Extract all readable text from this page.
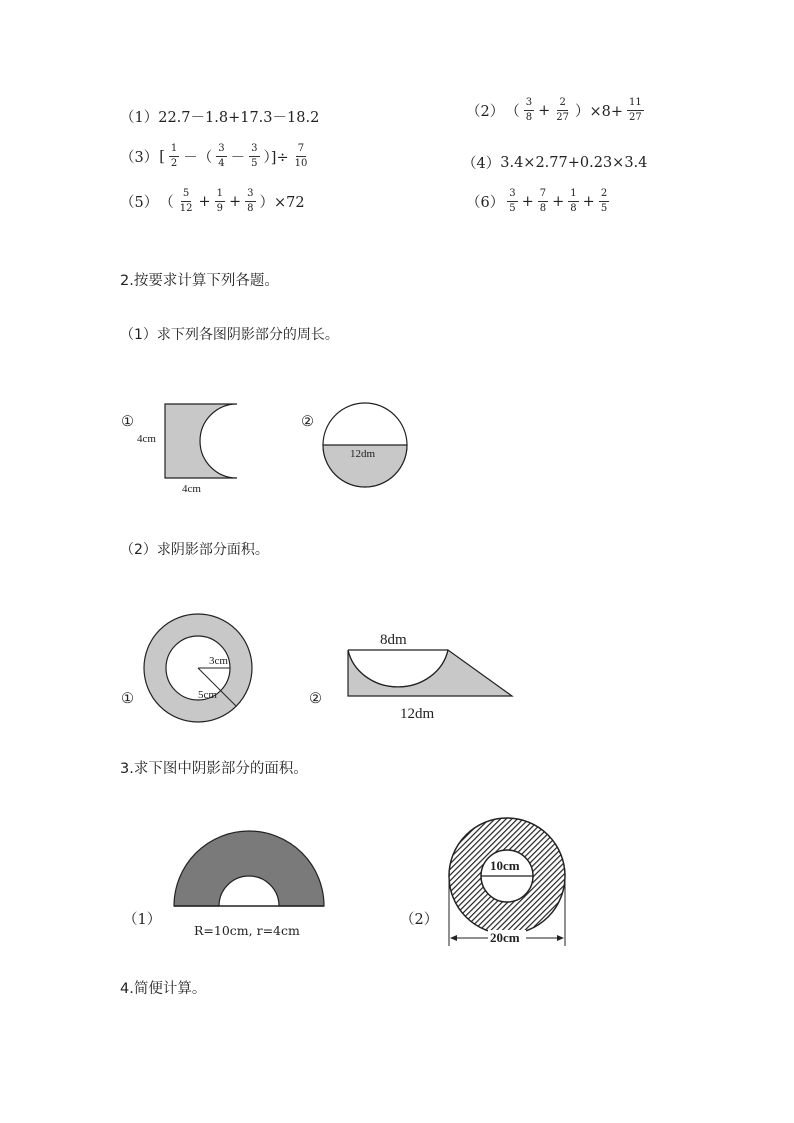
（1） 22.7－1.8+17.3－18.2	（2） （ $\frac{3}{8} + \frac{2}{27} )\times 8+ \frac{11}{27}$
（3） [ $\frac{1}{2}$ －（ $\frac{3}{4} - \frac{3}{5}$ ）]÷ $\frac{7}{10}$	（4） 3.4×2.77+0.23×3.4
（5） （ $\frac{5}{12} + \frac{1}{9} + \frac{3}{8} )\times 72$	$(6) \frac{3}{5} + \frac{7}{8} + \frac{1}{8} + \frac{2}{5}$
2.按要求计算下列各题。
（1）求下列各图阴影部分的周长。
①
4cm
4cm
②
12dm
（2）求阴影部分面积。
①
3cm
5cm	②
8dm
12dm
3.求下图中阴影部分的面积。
（1）
R=10cm, r=4cm
（2）
10cm
20cm
4.简便计算。
